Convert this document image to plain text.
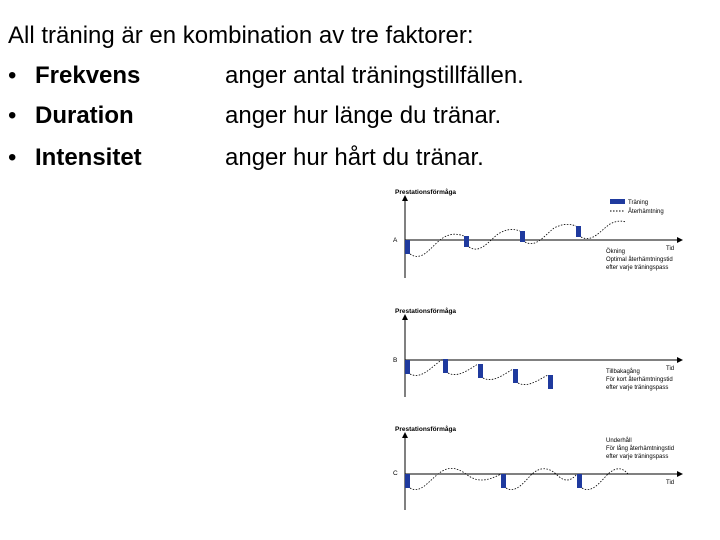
All träning är en kombination av tre faktorer:
• Frekvens	anger antal träningstillfällen.
• Duration	anger hur länge du tränar.
• Intensitet	anger hur hårt du tränar.
Träning
Återhämtning
Prestationsförmåga
A
Tid
Ökning
Optimal återhämtningstid
efter varje träningspass
Prestationsförmåga
B
Tid
Tillbakagång
För kort återhämtningstid
efter varje träningspass
Prestationsförmåga
C
Tid
Underhåll
För lång återhämtningstid
efter varje träningspass
